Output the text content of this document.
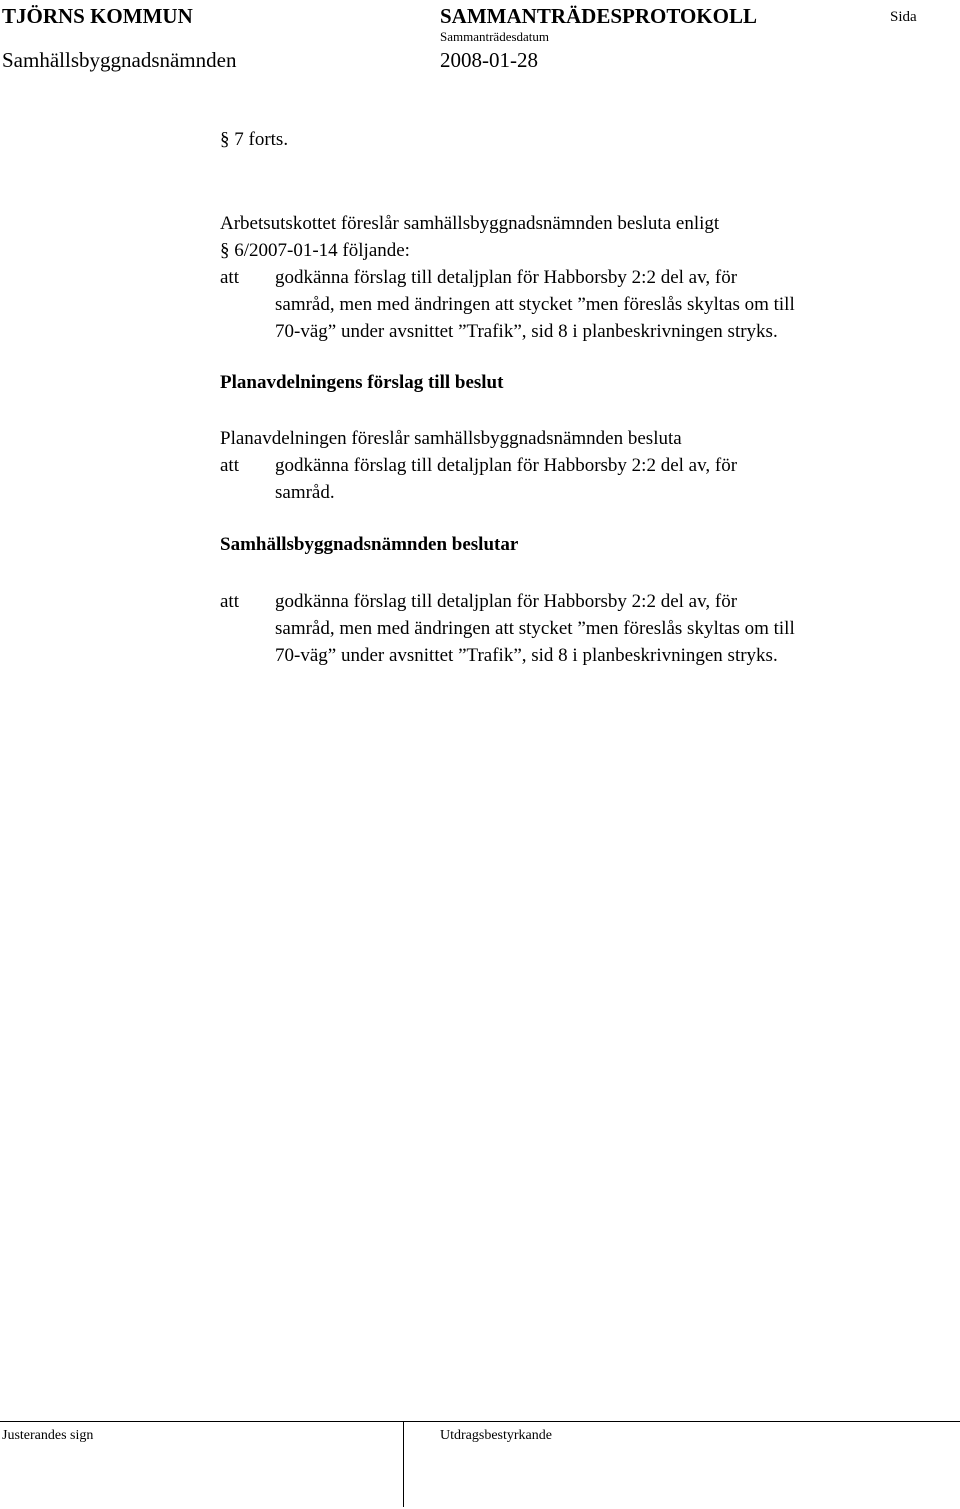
TJÖRNS KOMMUN	SAMMANTRÄDESPROTOKOLL	Sida
Sammanträdesdatum
Samhällsbyggnadsnämnden	2008-01-28
§ 7 forts.
Arbetsutskottet föreslår samhällsbyggnadsnämnden besluta enligt
§ 6/2007-01-14 följande:
att godkänna förslag till detaljplan för Habborsby 2:2 del av, för
samråd, men med ändringen att stycket ”men föreslås skyltas om till
70-väg” under avsnittet ”Trafik”, sid 8 i planbeskrivningen stryks.
Planavdelningens förslag till beslut
Planavdelningen föreslår samhällsbyggnadsnämnden besluta
att godkänna förslag till detaljplan för Habborsby 2:2 del av, för
samråd.
Samhällsbyggnadsnämnden beslutar
att godkänna förslag till detaljplan för Habborsby 2:2 del av, för
samråd, men med ändringen att stycket ”men föreslås skyltas om till
70-väg” under avsnittet ”Trafik”, sid 8 i planbeskrivningen stryks.
Justerandes sign	Utdragsbestyrkande
